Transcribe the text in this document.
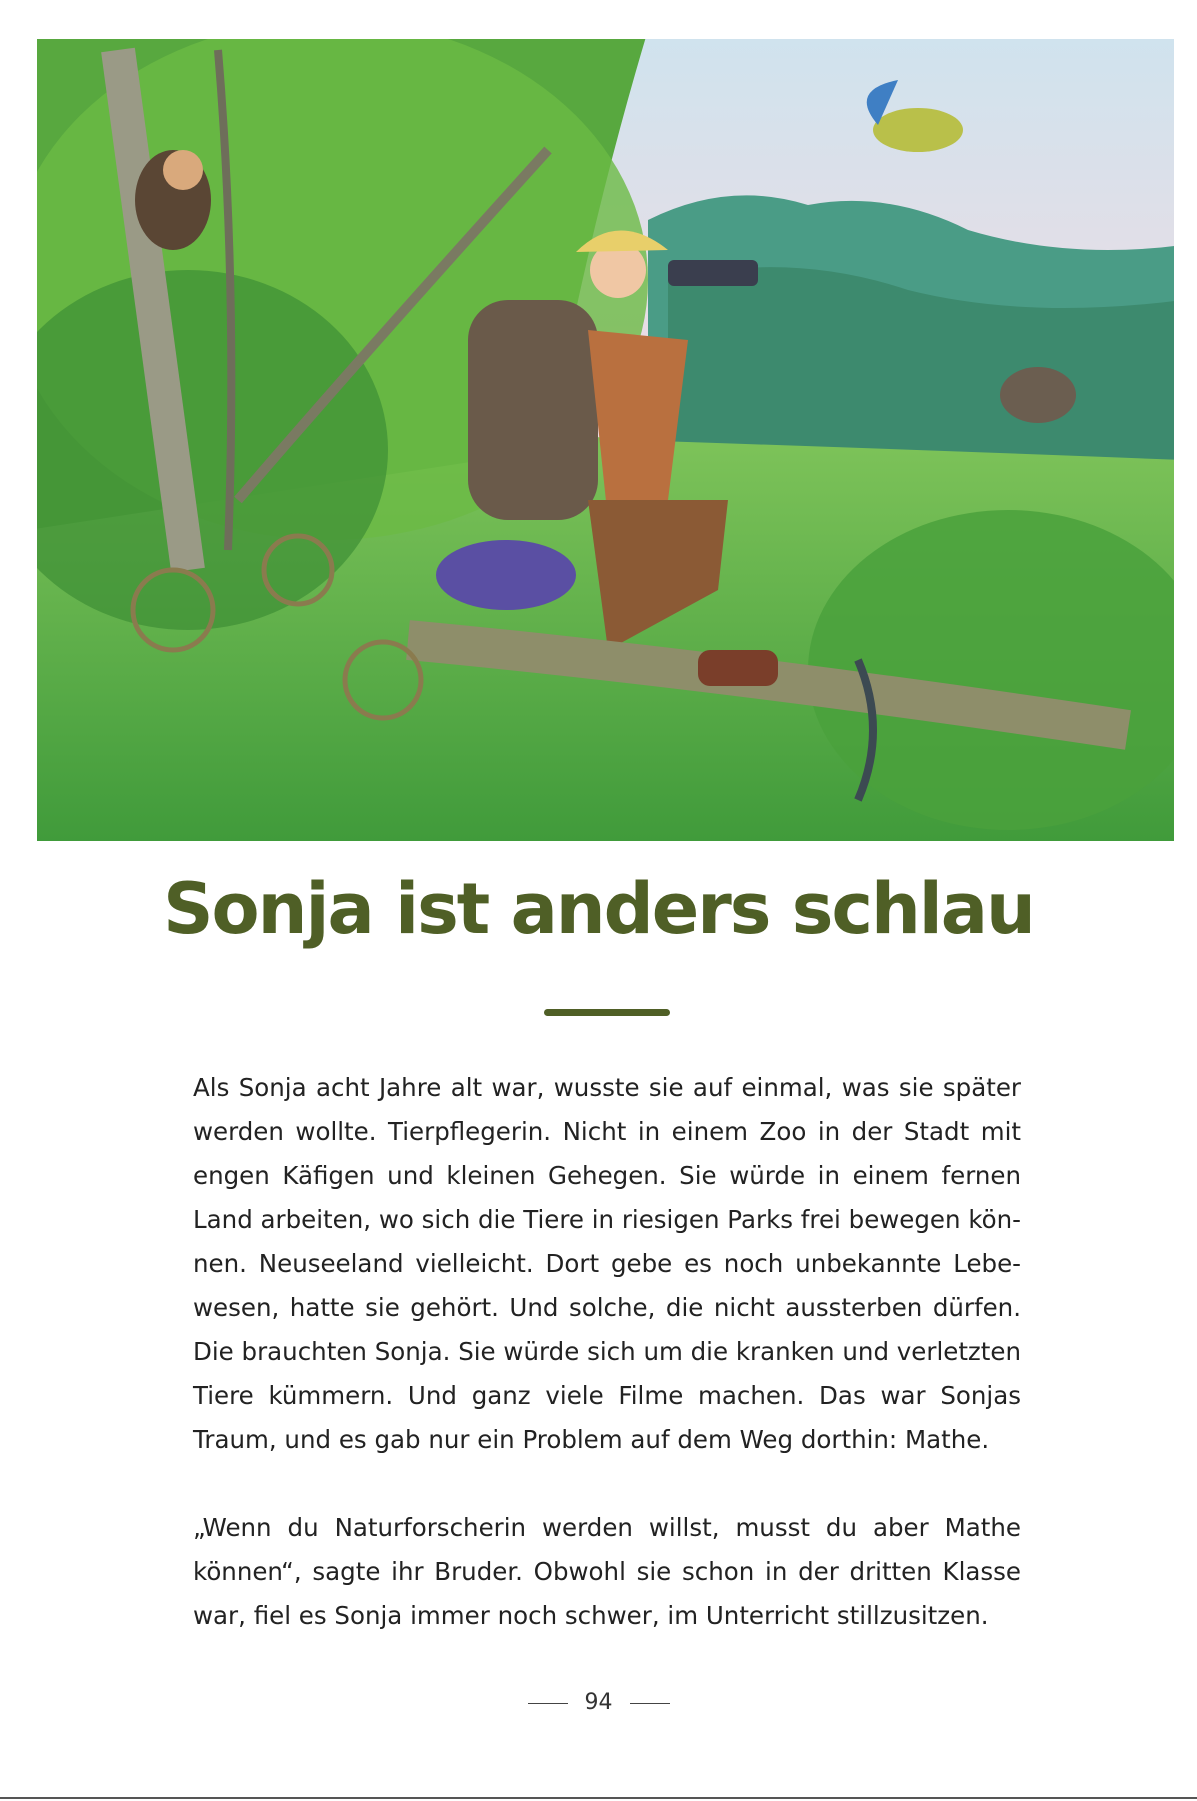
Sonja ist anders schlau

Als Sonja acht Jahre alt war, wusste sie auf einmal, was sie später werden wollte. Tierpflegerin. Nicht in einem Zoo in der Stadt mit engen Käfigen und kleinen Gehegen. Sie würde in einem fernen Land arbeiten, wo sich die Tiere in riesigen Parks frei bewegen können. Neuseeland vielleicht. Dort gebe es noch unbekannte Lebewesen, hatte sie gehört. Und solche, die nicht aussterben dürfen. Die brauchten Sonja. Sie würde sich um die kranken und verletzten Tiere kümmern. Und ganz viele Filme machen. Das war Sonjas Traum, und es gab nur ein Problem auf dem Weg dorthin: Mathe.

„Wenn du Naturforscherin werden willst, musst du aber Mathe können“, sagte ihr Bruder. Obwohl sie schon in der dritten Klasse war, fiel es Sonja immer noch schwer, im Unterricht stillzusitzen.

94
